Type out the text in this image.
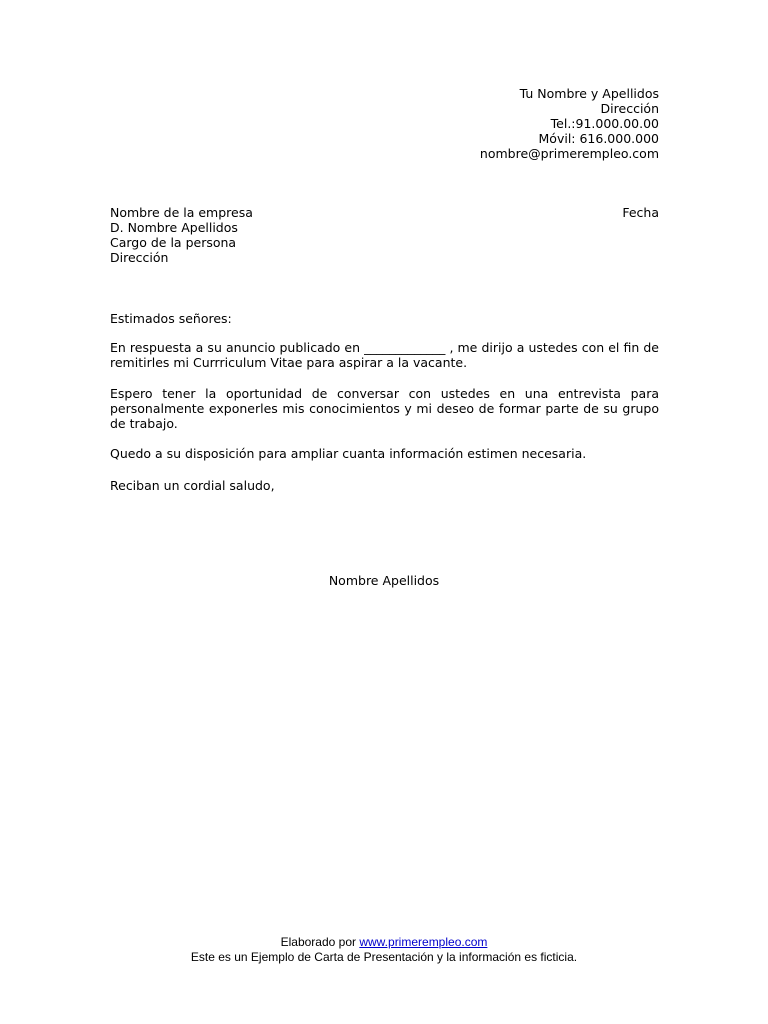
Tu Nombre y Apellidos
Dirección
Tel.:91.000.00.00
Móvil: 616.000.000
nombre@primerempleo.com
Nombre de la empresa
D. Nombre Apellidos
Cargo de la persona
Dirección
Fecha

Estimados señores:

En respuesta a su anuncio publicado en _____________ , me dirijo a ustedes con el fin de remitirles mi Currriculum Vitae para aspirar a la vacante.

Espero tener la oportunidad de conversar con ustedes en una entrevista para personalmente exponerles mis conocimientos y mi deseo de formar parte de su grupo de trabajo.

Quedo a su disposición para ampliar cuanta información estimen necesaria.

Reciban un cordial saludo,

Nombre Apellidos
Elaborado por www.primerempleo.com
Este es un Ejemplo de Carta de Presentación y la información es ficticia.
